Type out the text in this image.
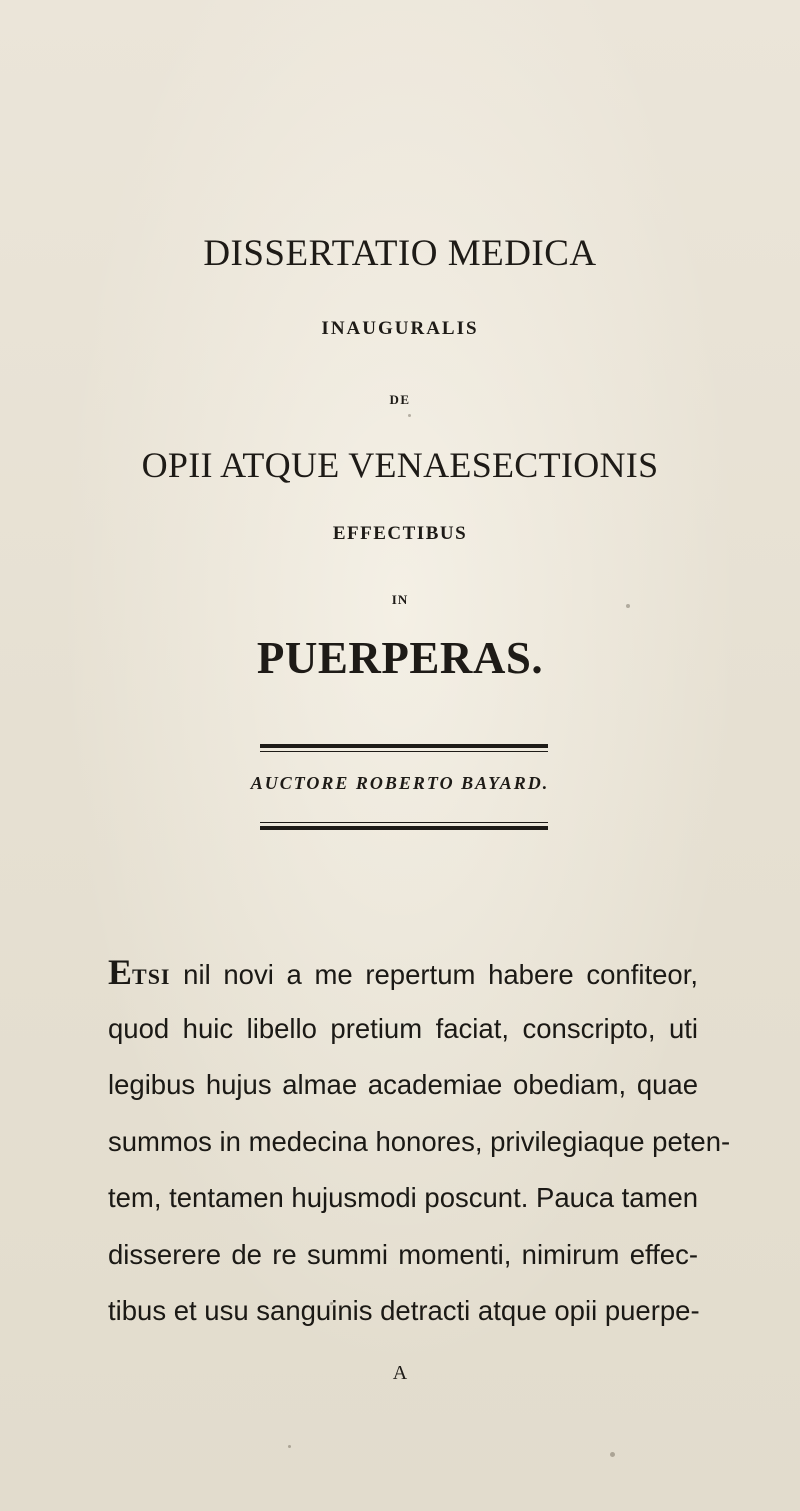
DISSERTATIO MEDICA
INAUGURALIS
DE
OPII ATQUE VENAESECTIONIS
EFFECTIBUS
IN
PUERPERAS.
AUCTORE ROBERTO BAYARD.
ETSI nil novi a me repertum habere confiteor,
quod huic libello pretium faciat, conscripto, uti
legibus hujus almae academiae obediam, quae
summos in medecina honores, privilegiaque peten-
tem, tentamen hujusmodi poscunt. Pauca tamen
disserere de re summi momenti, nimirum effec-
tibus et usu sanguinis detracti atque opii puerpe-
A
